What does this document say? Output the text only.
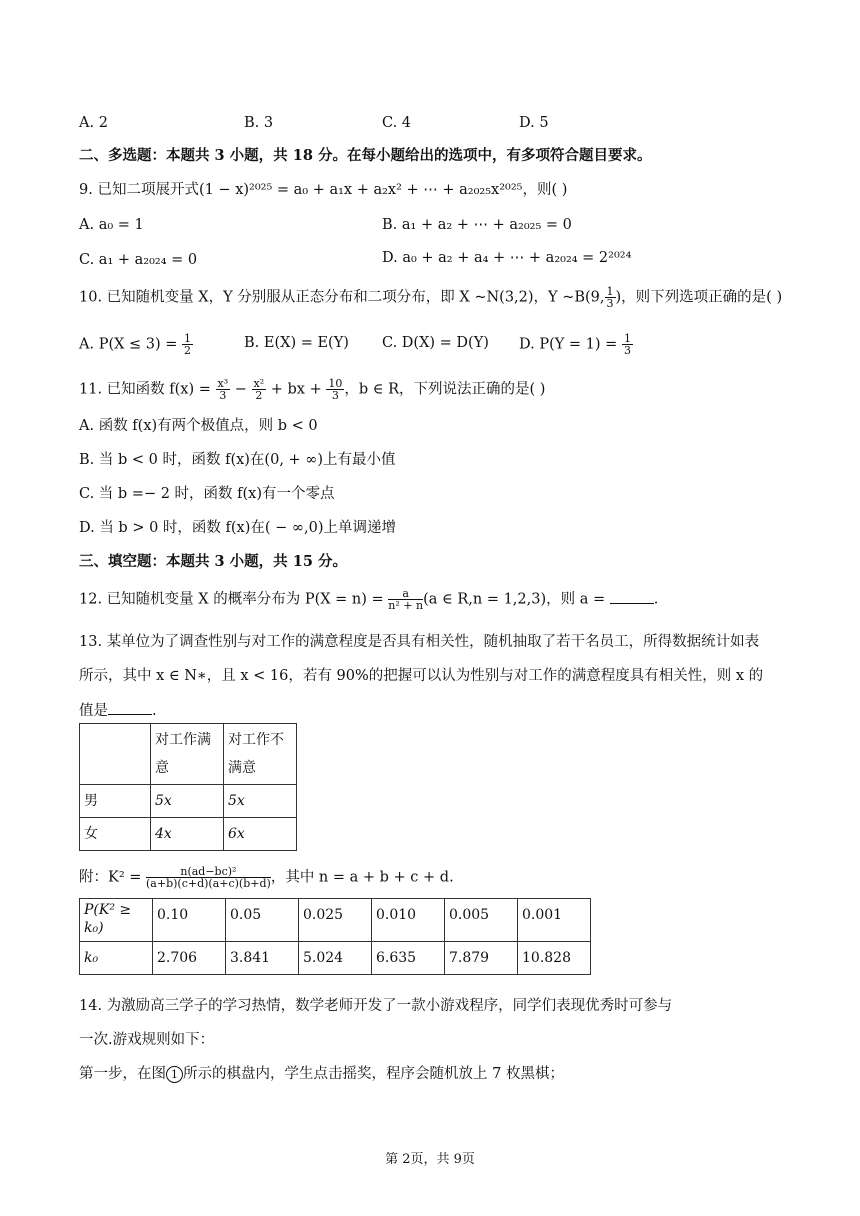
A. 2	B. 3	C. 4	D. 5
二、多选题：本题共 3 小题，共 18 分。在每小题给出的选项中，有多项符合题目要求。
9. 已知二项展开式(1 − x)²⁰²⁵ = a₀ + a₁x + a₂x² + ⋯ + a₂₀₂₅x²⁰²⁵，则( )
A. a₀ = 1	B. a₁ + a₂ + ⋯ + a₂₀₂₅ = 0
C. a₁ + a₂₀₂₄ = 0	D. a₀ + a₂ + a₄ + ⋯ + a₂₀₂₄ = 2²⁰²⁴
10. 已知随机变量 X，Y 分别服从正态分布和二项分布，即 X ~N(3,2)，Y ~B(9, $\frac{1}{3}$ )，则下列选项正确的是( )
A. $P(X \le 3) = \frac{1}{2}$	B. E(X) = E(Y) C. D(X) = D(Y) D. $P(Y = 1) = \frac{1}{3}$
11. 已知函数 $f(x) = \frac{\text{x³}}{3} - \frac{\text{x²}}{2}$ + bx + $\frac{10}{3}$ ，b ∈ R，下列说法正确的是( )
A. 函数 f(x)有两个极值点，则 b < 0
B. 当 b < 0 时，函数 f(x)在(0, + ∞)上有最小值
C. 当 b =− 2 时，函数 f(x)有一个零点
D. 当 b > 0 时，函数 f(x)在( − ∞,0)上单调递增
三、填空题：本题共 3 小题，共 15 分。
12. 已知随机变量 X 的概率分布为 $P(X = n) = \frac{a}{\text{n² + n}} (a$ ∈ R,n = 1,2,3)，则 a =	.
13. 某单位为了调查性别与对工作的满意程度是否具有相关性，随机抽取了若干名员工，所得数据统计如表
所示，其中 x ∈ N∗，且 x < 16，若有 90%的把握可以认为性别与对工作的满意程度具有相关性，则 x 的
值是	.
	对工作满意	对工作不满意
男	5x	5x
女	4x	6x
附：$K^2 = \frac{\text{n(ad−bc)²}}{(a+b)(c+d)(a+c)(b+d)}$ ，其中 n = a + b + c + d.
P(K² ≥ k₀)	0.10	0.05	0.025	0.010	0.005	0.001
k₀	2.706	3.841	5.024	6.635	7.879	10.828
14. 为激励高三学子的学习热情，数学老师开发了一款小游戏程序，同学们表现优秀时可参与
一次.游戏规则如下：
第一步，在图 1 所示的棋盘内，学生点击摇奖，程序会随机放上 7 枚黑棋；
第 2页，共 9页
